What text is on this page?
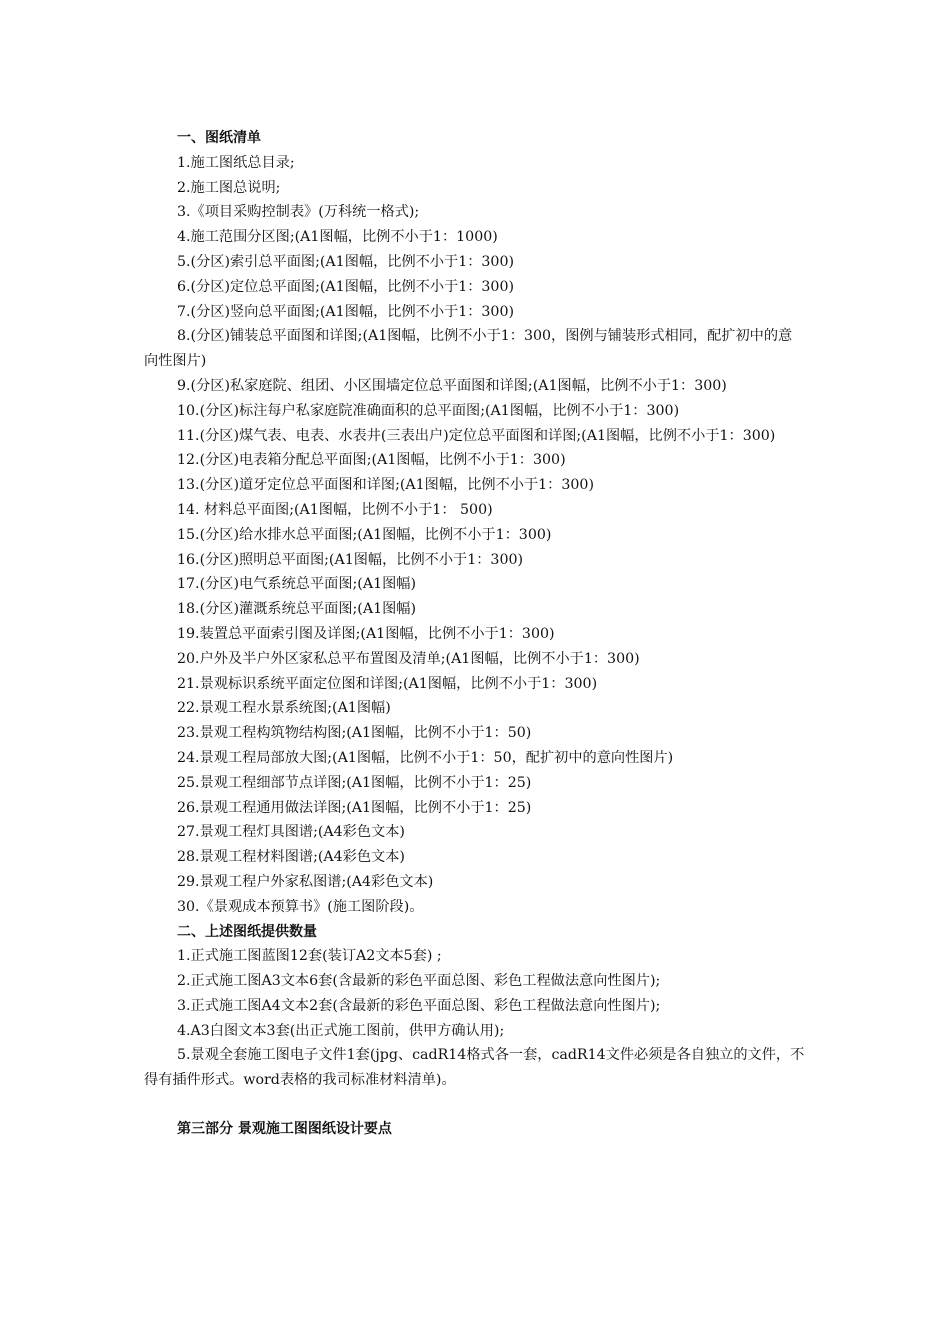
一、图纸清单

1.施工图纸总目录;

2.施工图总说明;

3.《项目采购控制表》(万科统一格式);

4.施工范围分区图;(A1图幅，比例不小于1：1000)

5.(分区)索引总平面图;(A1图幅，比例不小于1：300)

6.(分区)定位总平面图;(A1图幅，比例不小于1：300)

7.(分区)竖向总平面图;(A1图幅，比例不小于1：300)

8.(分区)铺装总平面图和详图;(A1图幅，比例不小于1：300，图例与铺装形式相同，配扩初中的意向性图片)

9.(分区)私家庭院、组团、小区围墙定位总平面图和详图;(A1图幅，比例不小于1：300)

10.(分区)标注每户私家庭院准确面积的总平面图;(A1图幅，比例不小于1：300)

11.(分区)煤气表、电表、水表井(三表出户)定位总平面图和详图;(A1图幅，比例不小于1：300)

12.(分区)电表箱分配总平面图;(A1图幅，比例不小于1：300)

13.(分区)道牙定位总平面图和详图;(A1图幅，比例不小于1：300)

14. 材料总平面图;(A1图幅，比例不小于1： 500)

15.(分区)给水排水总平面图;(A1图幅，比例不小于1：300)

16.(分区)照明总平面图;(A1图幅，比例不小于1：300)

17.(分区)电气系统总平面图;(A1图幅)

18.(分区)灌溉系统总平面图;(A1图幅)

19.装置总平面索引图及详图;(A1图幅，比例不小于1：300)

20.户外及半户外区家私总平布置图及清单;(A1图幅，比例不小于1：300)

21.景观标识系统平面定位图和详图;(A1图幅，比例不小于1：300)

22.景观工程水景系统图;(A1图幅)

23.景观工程构筑物结构图;(A1图幅，比例不小于1：50)

24.景观工程局部放大图;(A1图幅，比例不小于1：50，配扩初中的意向性图片)

25.景观工程细部节点详图;(A1图幅，比例不小于1：25)

26.景观工程通用做法详图;(A1图幅，比例不小于1：25)

27.景观工程灯具图谱;(A4彩色文本)

28.景观工程材料图谱;(A4彩色文本)

29.景观工程户外家私图谱;(A4彩色文本)

30.《景观成本预算书》(施工图阶段)。

二、上述图纸提供数量

1.正式施工图蓝图12套(装订A2文本5套) ;

2.正式施工图A3文本6套(含最新的彩色平面总图、彩色工程做法意向性图片);

3.正式施工图A4文本2套(含最新的彩色平面总图、彩色工程做法意向性图片);

4.A3白图文本3套(出正式施工图前，供甲方确认用);

5.景观全套施工图电子文件1套(jpg、cadR14格式各一套，cadR14文件必须是各自独立的文件，不得有插件形式。word表格的我司标准材料清单)。

第三部分 景观施工图图纸设计要点
